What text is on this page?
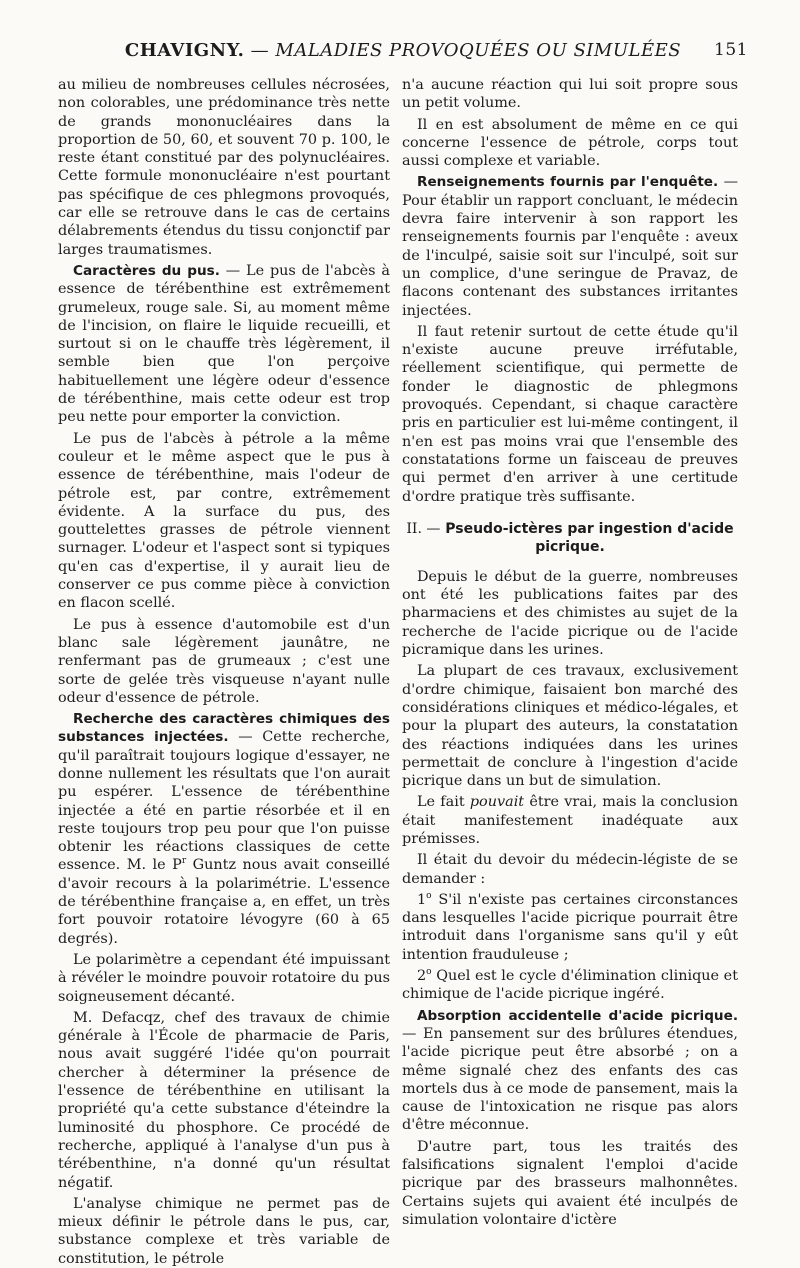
CHAVIGNY. — MALADIES PROVOQUÉES OU SIMULÉES 151

au milieu de nombreuses cellules nécrosées, non colorables, une prédominance très nette de grands mononucléaires dans la proportion de 50, 60, et souvent 70 p. 100, le reste étant constitué par des polynucléaires. Cette formule mononucléaire n'est pourtant pas spécifique de ces phlegmons provoqués, car elle se retrouve dans le cas de certains délabrements étendus du tissu conjonctif par larges traumatismes.

Caractères du pus. — Le pus de l'abcès à essence de térébenthine est extrêmement grumeleux, rouge sale. Si, au moment même de l'incision, on flaire le liquide recueilli, et surtout si on le chauffe très légèrement, il semble bien que l'on perçoive habituellement une légère odeur d'essence de térébenthine, mais cette odeur est trop peu nette pour emporter la conviction.

Le pus de l'abcès à pétrole a la même couleur et le même aspect que le pus à essence de térébenthine, mais l'odeur de pétrole est, par contre, extrêmement évidente. A la surface du pus, des gouttelettes grasses de pétrole viennent surnager. L'odeur et l'aspect sont si typiques qu'en cas d'expertise, il y aurait lieu de conserver ce pus comme pièce à conviction en flacon scellé.

Le pus à essence d'automobile est d'un blanc sale légèrement jaunâtre, ne renfermant pas de grumeaux ; c'est une sorte de gelée très visqueuse n'ayant nulle odeur d'essence de pétrole.

Recherche des caractères chimiques des substances injectées. — Cette recherche, qu'il paraîtrait toujours logique d'essayer, ne donne nullement les résultats que l'on aurait pu espérer. L'essence de térébenthine injectée a été en partie résorbée et il en reste toujours trop peu pour que l'on puisse obtenir les réactions classiques de cette essence. M. le $P^r$ Guntz nous avait conseillé d'avoir recours à la polarimétrie. L'essence de térébenthine française a, en effet, un très fort pouvoir rotatoire lévogyre (60 à 65 degrés).

Le polarimètre a cependant été impuissant à révéler le moindre pouvoir rotatoire du pus soigneusement décanté.

M. Defacqz, chef des travaux de chimie générale à l'École de pharmacie de Paris, nous avait suggéré l'idée qu'on pourrait chercher à déterminer la présence de l'essence de térébenthine en utilisant la propriété qu'a cette substance d'éteindre la luminosité du phosphore. Ce procédé de recherche, appliqué à l'analyse d'un pus à térébenthine, n'a donné qu'un résultat négatif.

L'analyse chimique ne permet pas de mieux définir le pétrole dans le pus, car, substance complexe et très variable de constitution, le pétrole

n'a aucune réaction qui lui soit propre sous un petit volume.

Il en est absolument de même en ce qui concerne l'essence de pétrole, corps tout aussi complexe et variable.

Renseignements fournis par l'enquête. — Pour établir un rapport concluant, le médecin devra faire intervenir à son rapport les renseignements fournis par l'enquête : aveux de l'inculpé, saisie soit sur l'inculpé, soit sur un complice, d'une seringue de Pravaz, de flacons contenant des substances irritantes injectées.

Il faut retenir surtout de cette étude qu'il n'existe aucune preuve irréfutable, réellement scientifique, qui permette de fonder le diagnostic de phlegmons provoqués. Cependant, si chaque caractère pris en particulier est lui-même contingent, il n'en est pas moins vrai que l'ensemble des constatations forme un faisceau de preuves qui permet d'en arriver à une certitude d'ordre pratique très suffisante.

II. — Pseudo-ictères par ingestion d'acide picrique.

Depuis le début de la guerre, nombreuses ont été les publications faites par des pharmaciens et des chimistes au sujet de la recherche de l'acide picrique ou de l'acide picramique dans les urines.

La plupart de ces travaux, exclusivement d'ordre chimique, faisaient bon marché des considérations cliniques et médico-légales, et pour la plupart des auteurs, la constatation des réactions indiquées dans les urines permettait de conclure à l'ingestion d'acide picrique dans un but de simulation.

Le fait pouvait être vrai, mais la conclusion était manifestement inadéquate aux prémisses.

Il était du devoir du médecin-légiste de se demander :

1$^o$ S'il n'existe pas certaines circonstances dans lesquelles l'acide picrique pourrait être introduit dans l'organisme sans qu'il y eût intention frauduleuse ;

2$^o$ Quel est le cycle d'élimination clinique et chimique de l'acide picrique ingéré.

Absorption accidentelle d'acide picrique. — En pansement sur des brûlures étendues, l'acide picrique peut être absorbé ; on a même signalé chez des enfants des cas mortels dus à ce mode de pansement, mais la cause de l'intoxication ne risque pas alors d'être méconnue.

D'autre part, tous les traités des falsifications signalent l'emploi d'acide picrique par des brasseurs malhonnêtes. Certains sujets qui avaient été inculpés de simulation volontaire d'ictère
